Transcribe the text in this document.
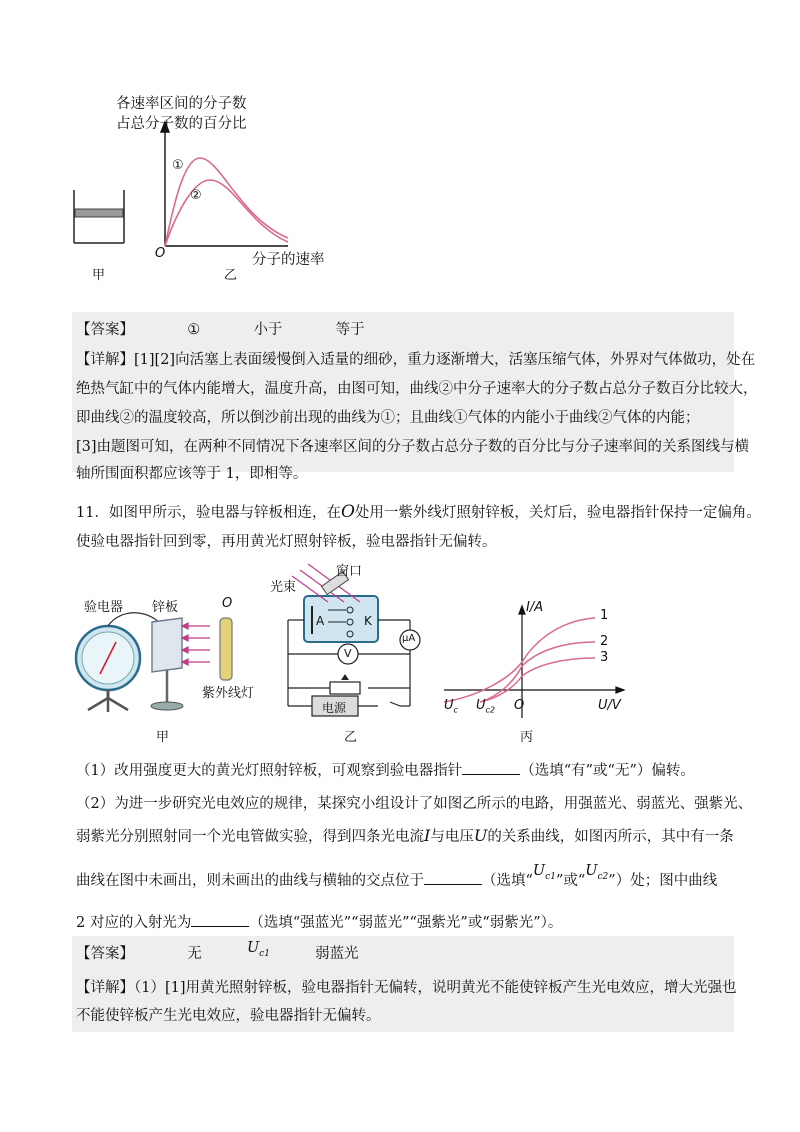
各速率区间的分子数
占总分子数的百分比
①
②
O	分子的速率
甲	乙
【答案】	①	小于	等于
【详解】[1][2]向活塞上表面缓慢倒入适量的细砂，重力逐渐增大，活塞压缩气体，外界对气体做功，处在
绝热气缸中的气体内能增大，温度升高，由图可知，曲线②中分子速率大的分子数占总分子数百分比较大，
即曲线②的温度较高，所以倒沙前出现的曲线为①；且曲线①气体的内能小于曲线②气体的内能；
[3]由题图可知，在两种不同情况下各速率区间的分子数占总分子数的百分比与分子速率间的关系图线与横
轴所围面积都应该等于 1，即相等。
11．如图甲所示，验电器与锌板相连，在O处用一紫外线灯照射锌板，关灯后，验电器指针保持一定偏角。
使验电器指针回到零，再用黄光灯照射锌板，验电器指针无偏转。
验电器 锌板	O
紫外线灯
甲
光束
窗口
A	K
μA
V
电源
乙
I/A
U/V
O
$U_c$ $U_{c2}$
1
2
3
丙
（1）改用强度更大的黄光灯照射锌板，可观察到验电器指针	（选填“有”或“无”）偏转。
（2）为进一步研究光电效应的规律，某探究小组设计了如图乙所示的电路，用强蓝光、弱蓝光、强紫光、
弱紫光分别照射同一个光电管做实验，得到四条光电流I与电压U的关系曲线，如图丙所示，其中有一条
曲线在图中未画出，则未画出的曲线与横轴的交点位于	（选填“$U_{c1}$”或“$U_{c2}$”）处；图中曲线
2 对应的入射光为	（选填“强蓝光”“弱蓝光”“强紫光”或“弱紫光”）。
【答案】	无	$U_{c1}$	弱蓝光
【详解】（1）[1]用黄光照射锌板，验电器指针无偏转，说明黄光不能使锌板产生光电效应，增大光强也
不能使锌板产生光电效应，验电器指针无偏转。
